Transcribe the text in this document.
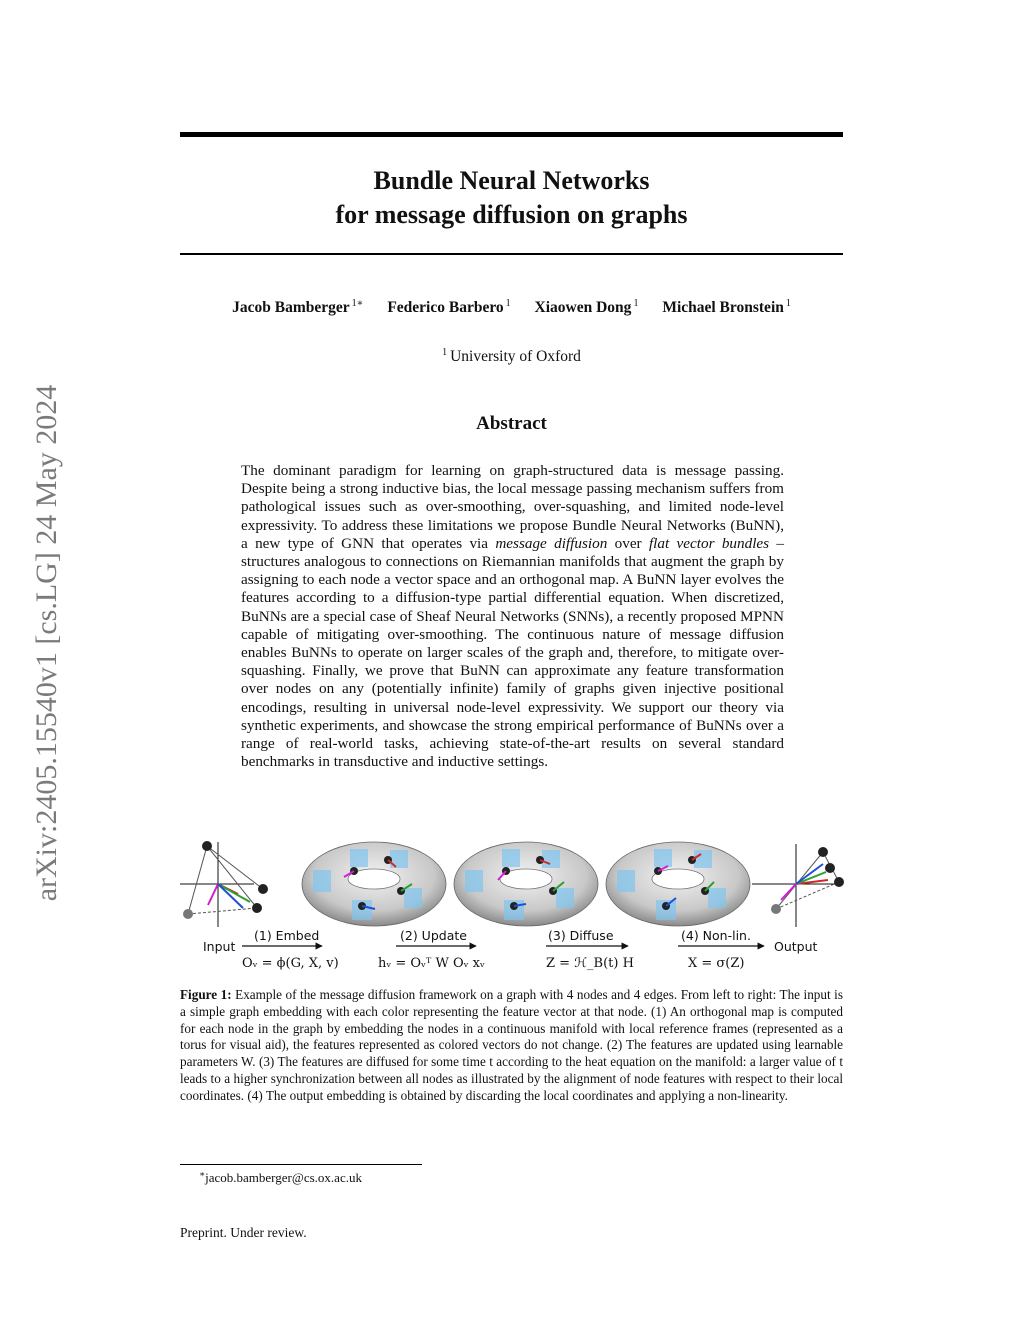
arXiv:2405.15540v1 [cs.LG] 24 May 2024
Bundle Neural Networks
for message diffusion on graphs
Jacob Bamberger $^{1∗}$ Federico Barbero $^1$ Xiaowen Dong $^1$ Michael Bronstein $^1$
$^1$ University of Oxford
Abstract

The dominant paradigm for learning on graph-structured data is message passing. Despite being a strong inductive bias, the local message passing mechanism suffers from pathological issues such as over-smoothing, over-squashing, and limited node-level expressivity. To address these limitations we propose Bundle Neural Networks (BuNN), a new type of GNN that operates via message diffusion over flat vector bundles – structures analogous to connections on Riemannian manifolds that augment the graph by assigning to each node a vector space and an orthogonal map. A BuNN layer evolves the features according to a diffusion-type partial differential equation. When discretized, BuNNs are a special case of Sheaf Neural Networks (SNNs), a recently proposed MPNN capable of mitigating over-smoothing. The continuous nature of message diffusion enables BuNNs to operate on larger scales of the graph and, therefore, to mitigate over-squashing. Finally, we prove that BuNN can approximate any feature transformation over nodes on any (potentially infinite) family of graphs given injective positional encodings, resulting in universal node-level expressivity. We support our theory via synthetic experiments, and showcase the strong empirical performance of BuNNs over a range of real-world tasks, achieving state-of-the-art results on several standard benchmarks in transductive and inductive settings.

Input	Output
(1) Embed
Oᵥ = ϕ(G, X, v)
(2) Update
hᵥ = Oᵥᵀ W Oᵥ xᵥ
(3) Diffuse
Z = ℋ_B(t) H
(4) Non-lin.
X = σ(Z)
Figure 1: Example of the message diffusion framework on a graph with 4 nodes and 4 edges. From left to right: The input is a simple graph embedding with each color representing the feature vector at that node. (1) An orthogonal map is computed for each node in the graph by embedding the nodes in a continuous manifold with local reference frames (represented as a torus for visual aid), the features represented as colored vectors do not change. (2) The features are updated using learnable parameters W. (3) The features are diffused for some time t according to the heat equation on the manifold: a larger value of t leads to a higher synchronization between all nodes as illustrated by the alignment of node features with respect to their local coordinates. (4) The output embedding is obtained by discarding the local coordinates and applying a non-linearity.
∗jacob.bamberger@cs.ox.ac.uk
Preprint. Under review.
